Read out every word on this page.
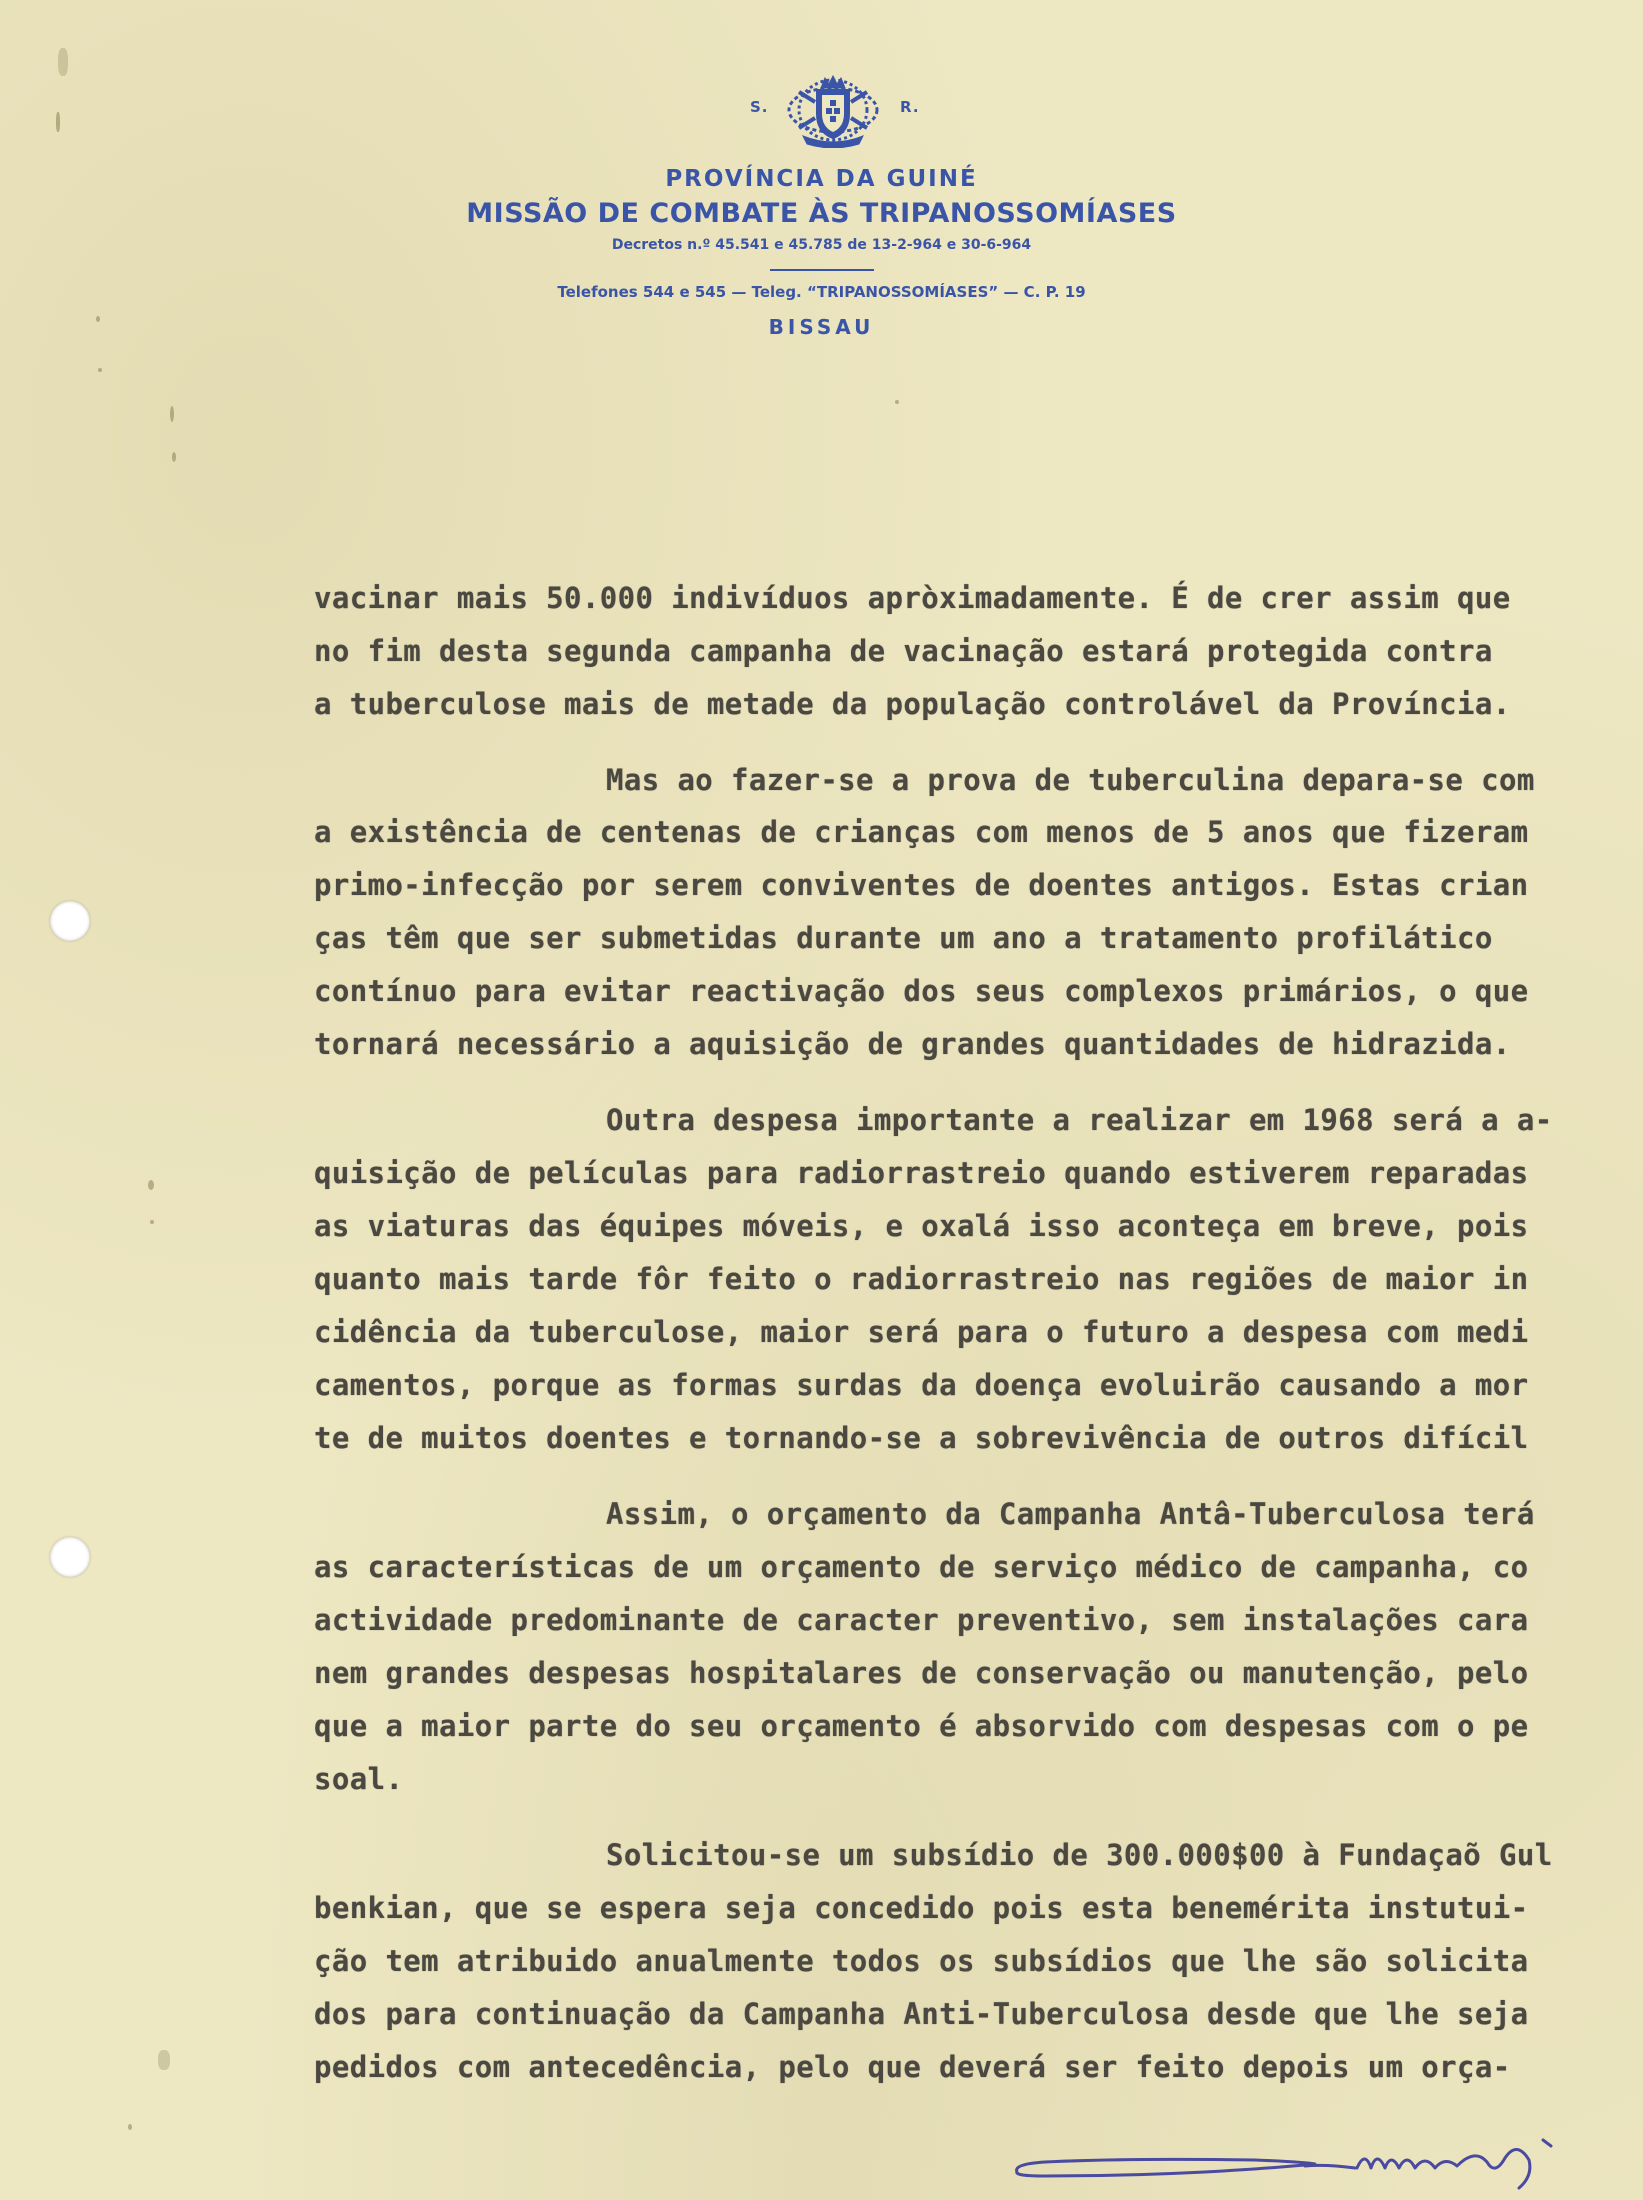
S.	R.
PROVÍNCIA DA GUINÉ
MISSÃO DE COMBATE ÀS TRIPANOSSOMÍASES
Decretos n.º 45.541 e 45.785 de 13-2-964 e 30-6-964
Telefones 544 e 545 — Teleg. “TRIPANOSSOMÍASES” — C. P. 19
BISSAU
vacinar mais 50.000 indivíduos apròximadamente. É de crer assim que
no fim desta segunda campanha de vacinação estará protegida contra
a tuberculose mais de metade da população controlável da Província.
Mas ao fazer-se a prova de tuberculina depara-se com
a existência de centenas de crianças com menos de 5 anos que fizeram
primo-infecção por serem conviventes de doentes antigos. Estas crian
ças têm que ser submetidas durante um ano a tratamento profilático
contínuo para evitar reactivação dos seus complexos primários, o que
tornará necessário a aquisição de grandes quantidades de hidrazida.
Outra despesa importante a realizar em 1968 será a a-
quisição de películas para radiorrastreio quando estiverem reparadas
as viaturas das équipes móveis, e oxalá isso aconteça em breve, pois
quanto mais tarde fôr feito o radiorrastreio nas regiões de maior in
cidência da tuberculose, maior será para o futuro a despesa com medi
camentos, porque as formas surdas da doença evoluirão causando a mor
te de muitos doentes e tornando-se a sobrevivência de outros difícil
Assim, o orçamento da Campanha Antâ-Tuberculosa terá
as características de um orçamento de serviço médico de campanha, co
actividade predominante de caracter preventivo, sem instalações cara
nem grandes despesas hospitalares de conservação ou manutenção, pelo
que a maior parte do seu orçamento é absorvido com despesas com o pe
soal.
Solicitou-se um subsídio de 300.000$00 à Fundaçaõ Gul
benkian, que se espera seja concedido pois esta benemérita instutui-
ção tem atribuido anualmente todos os subsídios que lhe são solicita
dos para continuação da Campanha Anti-Tuberculosa desde que lhe seja
pedidos com antecedência, pelo que deverá ser feito depois um orça-
